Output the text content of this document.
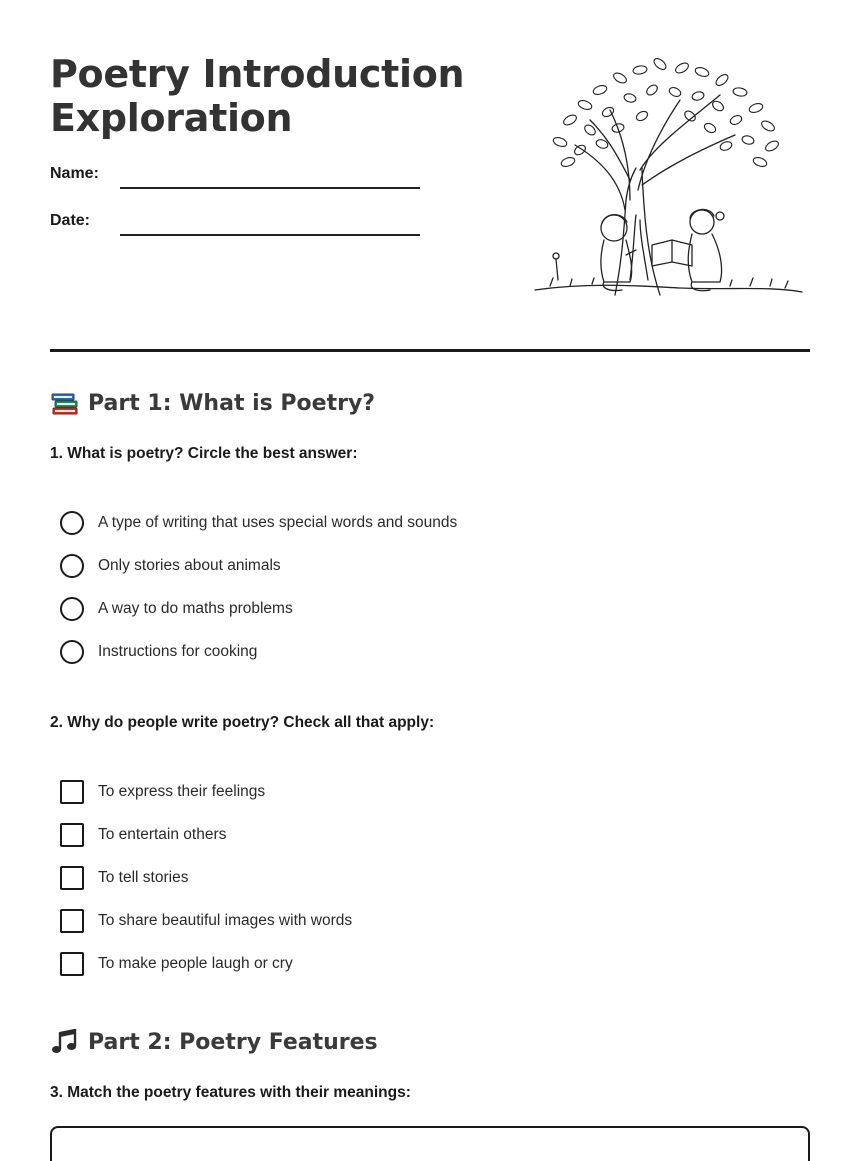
Poetry Introduction
Exploration
Name:
Date:
Part 1: What is Poetry?
1. What is poetry? Circle the best answer:
A type of writing that uses special words and sounds
Only stories about animals
A way to do maths problems
Instructions for cooking
2. Why do people write poetry? Check all that apply:
To express their feelings
To entertain others
To tell stories
To share beautiful images with words
To make people laugh or cry
Part 2: Poetry Features
3. Match the poetry features with their meanings:
